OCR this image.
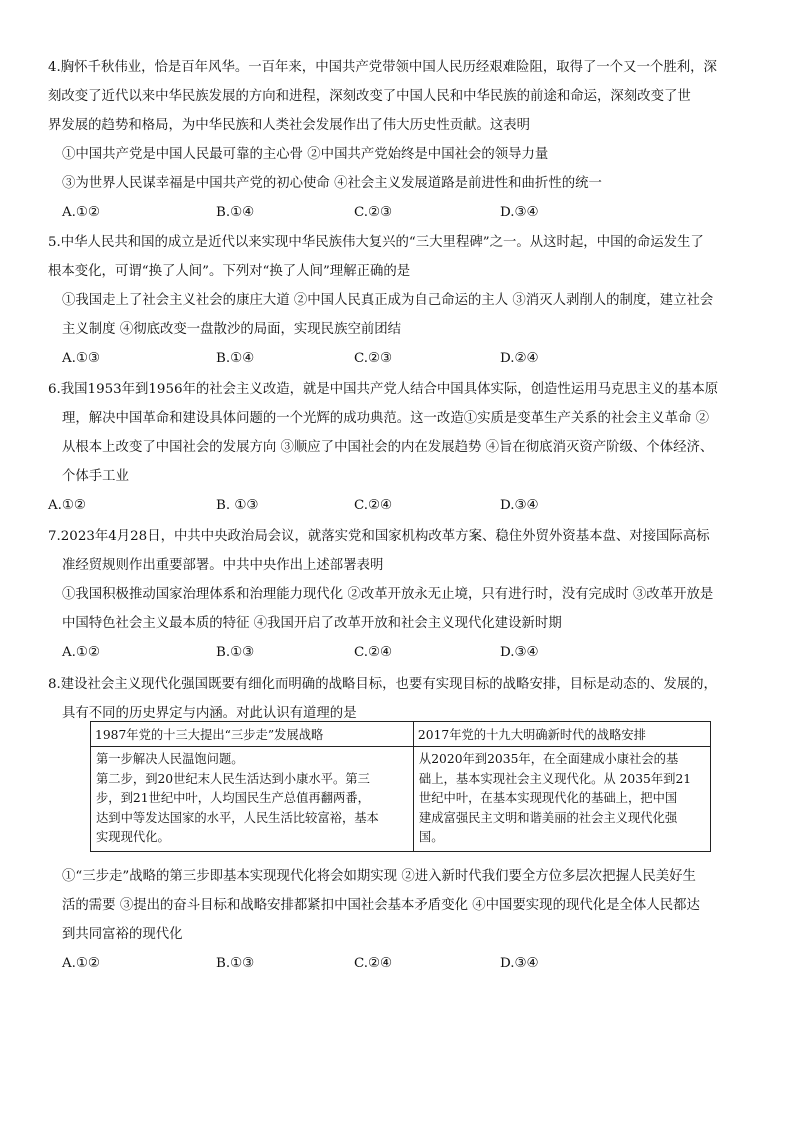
4.胸怀千秋伟业，恰是百年风华。一百年来，中国共产党带领中国人民历经艰难险阻，取得了一个又一个胜利，深
刻改变了近代以来中华民族发展的方向和进程，深刻改变了中国人民和中华民族的前途和命运，深刻改变了世
界发展的趋势和格局，为中华民族和人类社会发展作出了伟大历史性贡献。这表明
①中国共产党是中国人民最可靠的主心骨 ②中国共产党始终是中国社会的领导力量
③为世界人民谋幸福是中国共产党的初心使命 ④社会主义发展道路是前进性和曲折性的统一
A.①②	B.①④	C.②③	D.③④
5.中华人民共和国的成立是近代以来实现中华民族伟大复兴的“三大里程碑”之一。从这时起，中国的命运发生了
根本变化，可谓“换了人间”。下列对“换了人间”理解正确的是
①我国走上了社会主义社会的康庄大道 ②中国人民真正成为自己命运的主人 ③消灭人剥削人的制度，建立社会
主义制度 ④彻底改变一盘散沙的局面，实现民族空前团结
A.①③	B.①④	C.②③	D.②④
6.我国1953年到1956年的社会主义改造，就是中国共产党人结合中国具体实际，创造性运用马克思主义的基本原
理，解决中国革命和建设具体问题的一个光辉的成功典范。这一改造①实质是变革生产关系的社会主义革命 ②
从根本上改变了中国社会的发展方向 ③顺应了中国社会的内在发展趋势 ④旨在彻底消灭资产阶级、个体经济、
个体手工业
A.①②	B. ①③	C.②④	D.③④
7.2023年4月28日，中共中央政治局会议，就落实党和国家机构改革方案、稳住外贸外资基本盘、对接国际高标
准经贸规则作出重要部署。中共中央作出上述部署表明
①我国积极推动国家治理体系和治理能力现代化 ②改革开放永无止境，只有进行时，没有完成时 ③改革开放是
中国特色社会主义最本质的特征 ④我国开启了改革开放和社会主义现代化建设新时期
A.①②	B.①③	C.②④	D.③④
8.建设社会主义现代化强国既要有细化而明确的战略目标，也要有实现目标的战略安排，目标是动态的、发展的，
具有不同的历史界定与内涵。对此认识有道理的是
1987年党的十三大提出“三步走”发展战略	2017年党的十九大明确新时代的战略安排

第一步解决人民温饱问题。
第二步，到20世纪末人民生活达到小康水平。第三
步，到21世纪中叶，人均国民生产总值再翻两番，
达到中等发达国家的水平，人民生活比较富裕，基本
实现现代化。	从2020年到2035年，在全面建成小康社会的基
础上，基本实现社会主义现代化。从 2035年到21
世纪中叶，在基本实现现代化的基础上，把中国
建成富强民主文明和谐美丽的社会主义现代化强
国。
①“三步走”战略的第三步即基本实现现代化将会如期实现 ②进入新时代我们要全方位多层次把握人民美好生
活的需要 ③提出的奋斗目标和战略安排都紧扣中国社会基本矛盾变化 ④中国要实现的现代化是全体人民都达
到共同富裕的现代化
A.①②	B.①③	C.②④	D.③④
